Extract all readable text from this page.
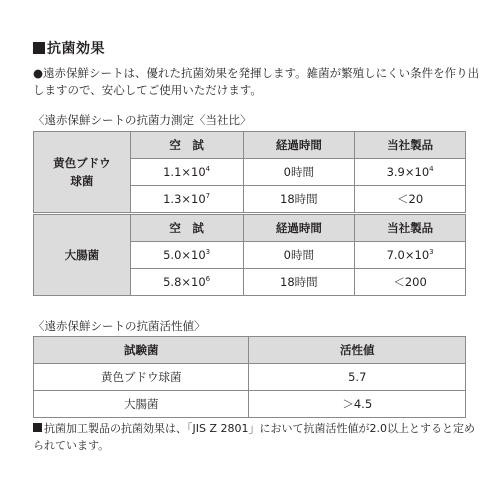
抗菌効果
●遠赤保鮮シートは、優れた抗菌効果を発揮します。雑菌が繁殖しにくい条件を作り出しますので、安心してご使用いただけます。
〈遠赤保鮮シートの抗菌力測定〈当社比〉
黄色ブドウ
球菌	空　試	経過時間	当社製品
	$1.1\times 10^4$	0時間	$3.9\times 10^4$
	$1.3\times 10^7$	18時間	＜20
大腸菌	空　試	経過時間	当社製品
	$5.0\times 10^3$	0時間	$7.0\times 10^3$
	$5.8\times 10^6$	18時間	＜200
〈遠赤保鮮シートの抗菌活性値〉
試験菌	活性値
黄色ブドウ球菌	5.7
大腸菌	＞4.5
抗菌加工製品の抗菌効果は、「JIS Z 2801」において抗菌活性値が2.0以上とすると定められています。
